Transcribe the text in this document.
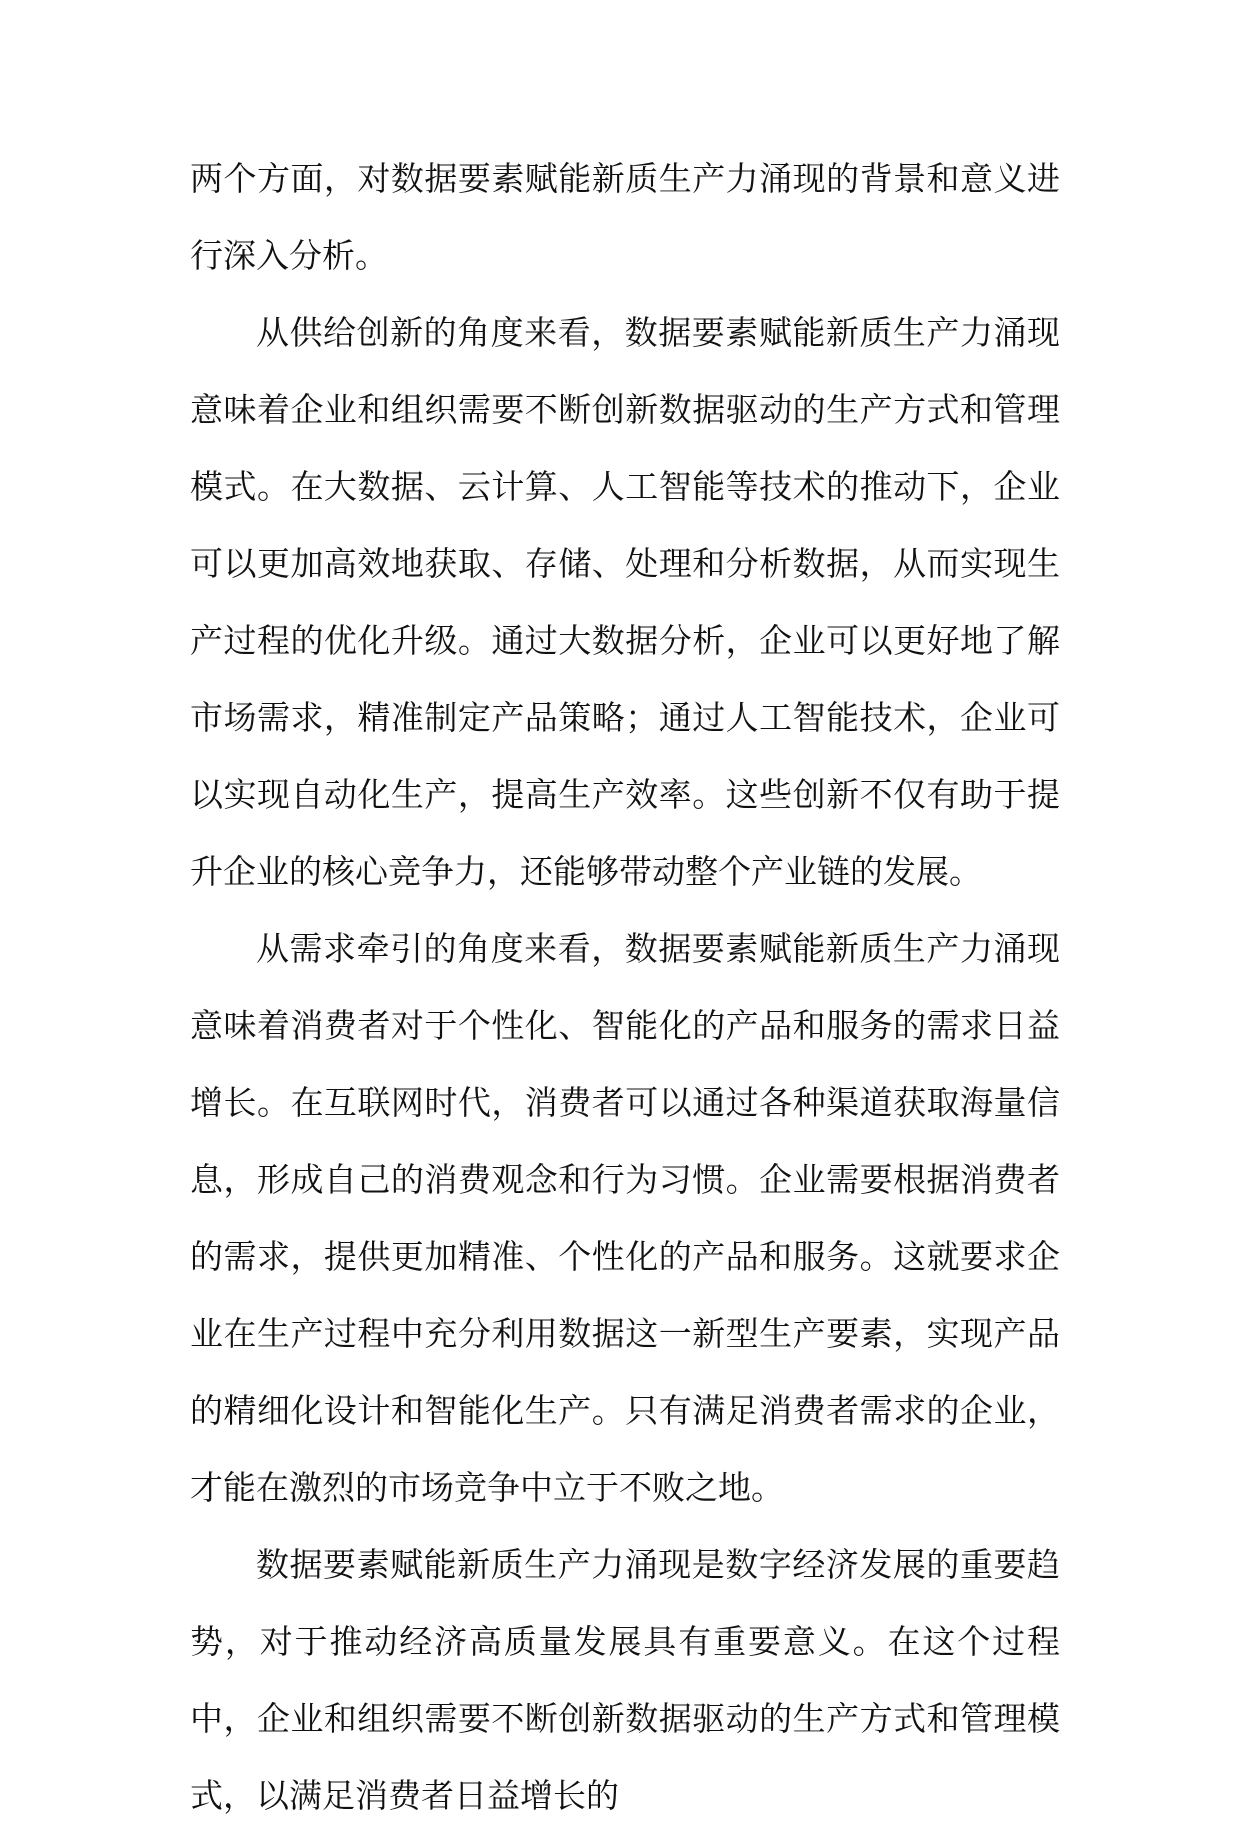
两个方面，对数据要素赋能新质生产力涌现的背景和意义进行深入分析。

从供给创新的角度来看，数据要素赋能新质生产力涌现意味着企业和组织需要不断创新数据驱动的生产方式和管理模式。在大数据、云计算、人工智能等技术的推动下，企业可以更加高效地获取、存储、处理和分析数据，从而实现生产过程的优化升级。通过大数据分析，企业可以更好地了解市场需求，精准制定产品策略；通过人工智能技术，企业可以实现自动化生产，提高生产效率。这些创新不仅有助于提升企业的核心竞争力，还能够带动整个产业链的发展。

从需求牵引的角度来看，数据要素赋能新质生产力涌现意味着消费者对于个性化、智能化的产品和服务的需求日益增长。在互联网时代，消费者可以通过各种渠道获取海量信息，形成自己的消费观念和行为习惯。企业需要根据消费者的需求，提供更加精准、个性化的产品和服务。这就要求企业在生产过程中充分利用数据这一新型生产要素，实现产品的精细化设计和智能化生产。只有满足消费者需求的企业，才能在激烈的市场竞争中立于不败之地。

数据要素赋能新质生产力涌现是数字经济发展的重要趋势，对于推动经济高质量发展具有重要意义。在这个过程中，企业和组织需要不断创新数据驱动的生产方式和管理模式，以满足消费者日益增长的
